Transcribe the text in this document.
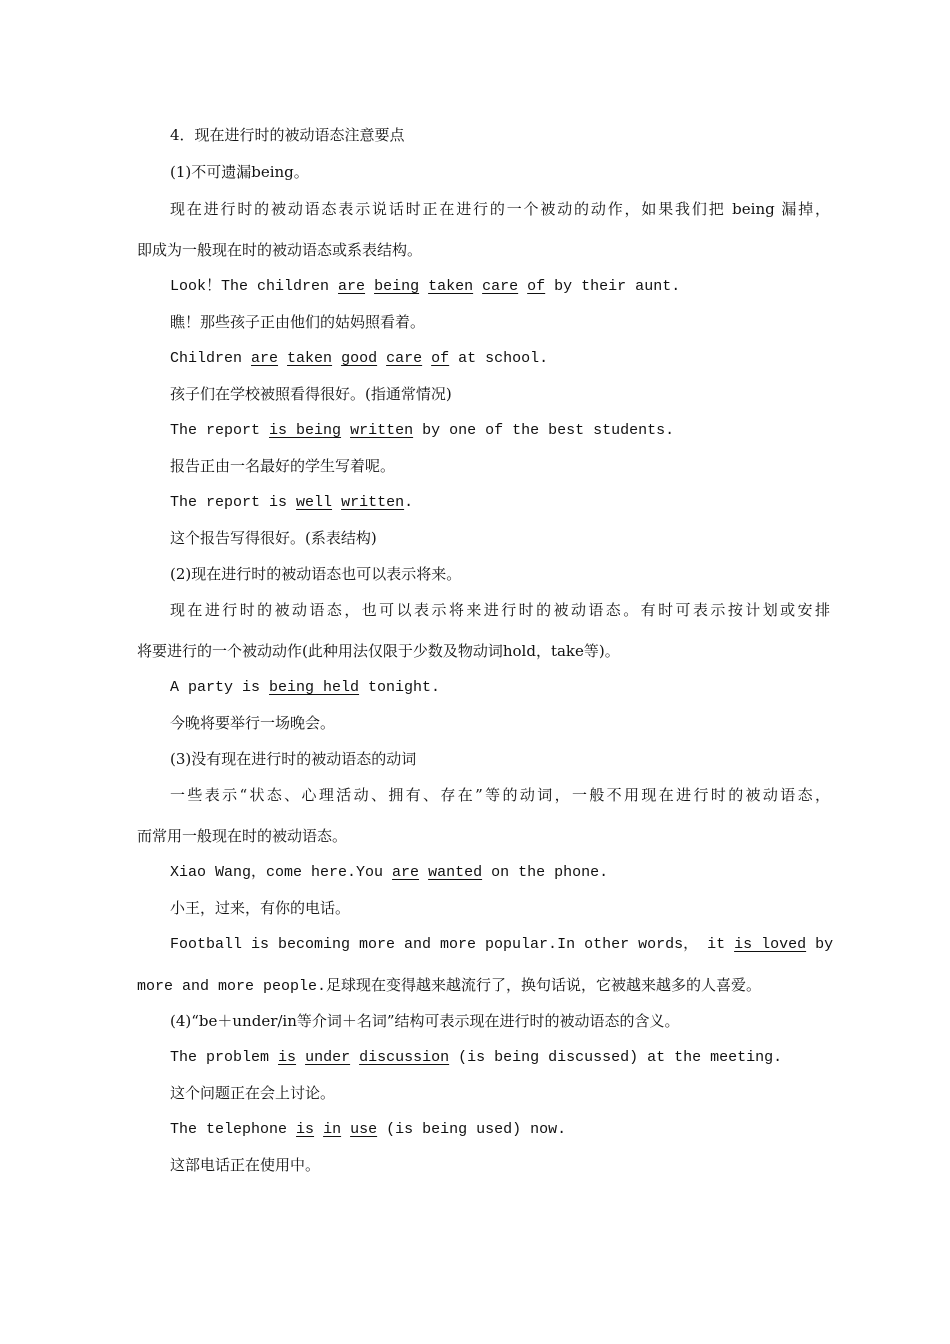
4．现在进行时的被动语态注意要点
(1)不可遗漏being。
现在进行时的被动语态表示说话时正在进行的一个被动的动作，如果我们把 being 漏掉，
即成为一般现在时的被动语态或系表结构。
Look！The children are being taken care of by their aunt.
瞧！那些孩子正由他们的姑妈照看着。
Children are taken good care of at school.
孩子们在学校被照看得很好。(指通常情况)
The report is being written by one of the best students.
报告正由一名最好的学生写着呢。
The report is well written.
这个报告写得很好。(系表结构)
(2)现在进行时的被动语态也可以表示将来。
现在进行时的被动语态，也可以表示将来进行时的被动语态。有时可表示按计划或安排
将要进行的一个被动动作(此种用法仅限于少数及物动词hold，take等)。
A party is being held tonight.
今晚将要举行一场晚会。
(3)没有现在进行时的被动语态的动词
一些表示“状态、心理活动、拥有、存在”等的动词，一般不用现在进行时的被动语态，
而常用一般现在时的被动语态。
Xiao Wang，come here.You are wanted on the phone.
小王，过来，有你的电话。
Football is becoming more and more popular.In other words， it is loved by
more and more people.足球现在变得越来越流行了，换句话说，它被越来越多的人喜爱。
(4)“be＋under/in等介词＋名词”结构可表示现在进行时的被动语态的含义。
The problem is under discussion (is being discussed) at the meeting.
这个问题正在会上讨论。
The telephone is in use (is being used) now.
这部电话正在使用中。
